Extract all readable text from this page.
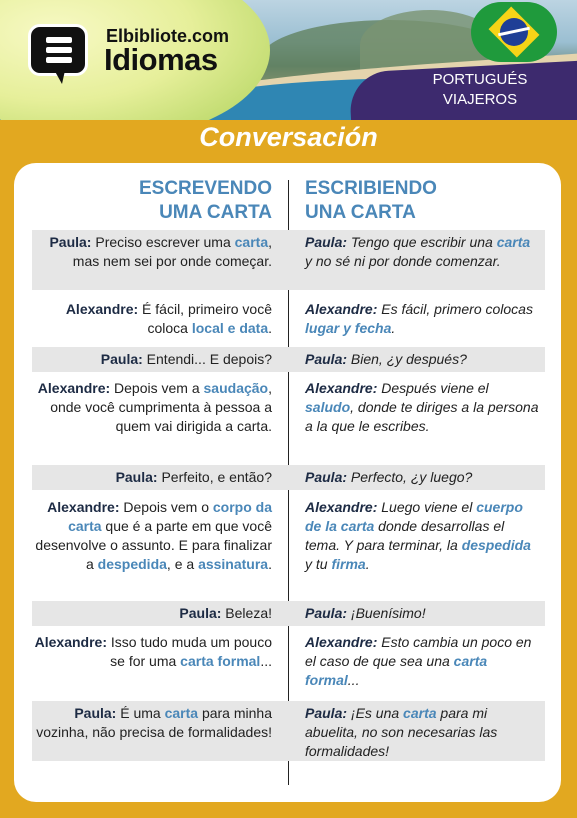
Elbibliote.com
Idiomas
PORTUGUÉS
VIAJEROS
Conversación
ESCREVENDO
UMA CARTA
ESCRIBIENDO
UNA CARTA
Paula: Preciso escrever uma carta, mas nem sei por onde começar.
Paula: Tengo que escribir una carta y no sé ni por donde comenzar.
Alexandre: É fácil, primeiro você coloca local e data.
Alexandre: Es fácil, primero colocas lugar y fecha.
Paula: Entendi... E depois? Paula: Bien, ¿y después?
Alexandre: Depois vem a saudação, onde você cumprimenta à pessoa a quem vai dirigida a carta.
Alexandre: Después viene el saludo, donde te diriges a la persona a la que le escribes.
Paula: Perfeito, e então? Paula: Perfecto, ¿y luego?
Alexandre: Depois vem o corpo da carta que é a parte em que você desenvolve o assunto. E para finalizar a despedida, e a assinatura.
Alexandre: Luego viene el cuerpo de la carta donde desarrollas el tema. Y para terminar, la despedida y tu firma.
Paula: Beleza! Paula: ¡Buenísimo!
Alexandre: Isso tudo muda um pouco se for uma carta formal...
Alexandre: Esto cambia un poco en el caso de que sea una carta formal...
Paula: É uma carta para minha vozinha, não precisa de formalidades!
Paula: ¡Es una carta para mi abuelita, no son necesarias las formalidades!
